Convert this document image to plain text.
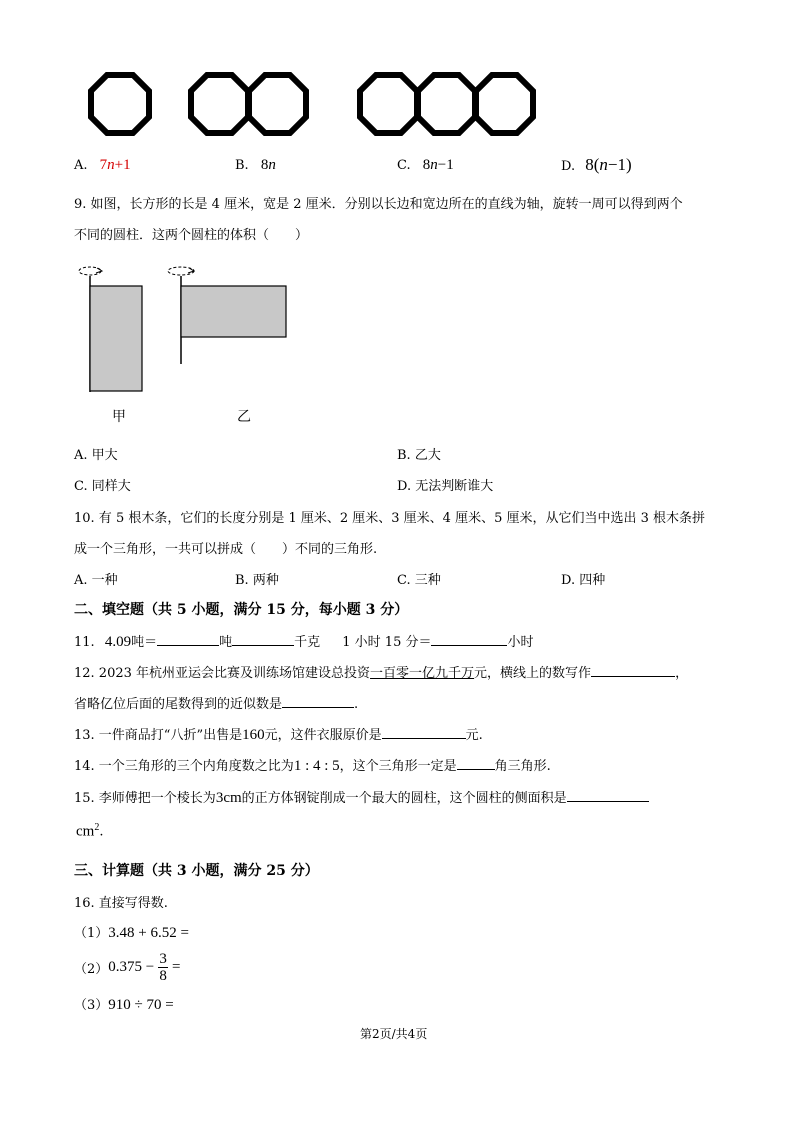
A. 7n+1	B. 8n	C. 8n−1	D. 8(n−1)
9. 如图，长方形的长是 4 厘米，宽是 2 厘米．分别以长边和宽边所在的直线为轴，旋转一周可以得到两个
不同的圆柱．这两个圆柱的体积（　　）
甲	乙
A. 甲大	B. 乙大
C. 同样大	D. 无法判断谁大
10. 有 5 根木条，它们的长度分别是 1 厘米、2 厘米、3 厘米、4 厘米、5 厘米，从它们当中选出 3 根木条拼
成一个三角形，一共可以拼成（　　）不同的三角形.
A. 一种	B. 两种	C. 三种	D. 四种
二、填空题（共 5 小题，满分 15 分，每小题 3 分）
11. 4.09吨＝	吨	千克 1 小时 15 分＝	小时
12. 2023 年杭州亚运会比赛及训练场馆建设总投资一百零一亿九千万元，横线上的数写作	，
省略亿位后面的尾数得到的近似数是	.
13. 一件商品打“八折”出售是160元，这件衣服原价是	元.
14. 一个三角形的三个内角度数之比为1 : 4 : 5，这个三角形一定是	角三角形.
15. 李师傅把一个棱长为3cm的正方体钢锭削成一个最大的圆柱，这个圆柱的侧面积是
$cm^2$.
三、计算题（共 3 小题，满分 25 分）
16. 直接写得数.
（1）3.48 + 6.52 =
$(2)0.375 - \frac{3}{8}$ =
（3）910 ÷ 70 =
第2页/共4页
